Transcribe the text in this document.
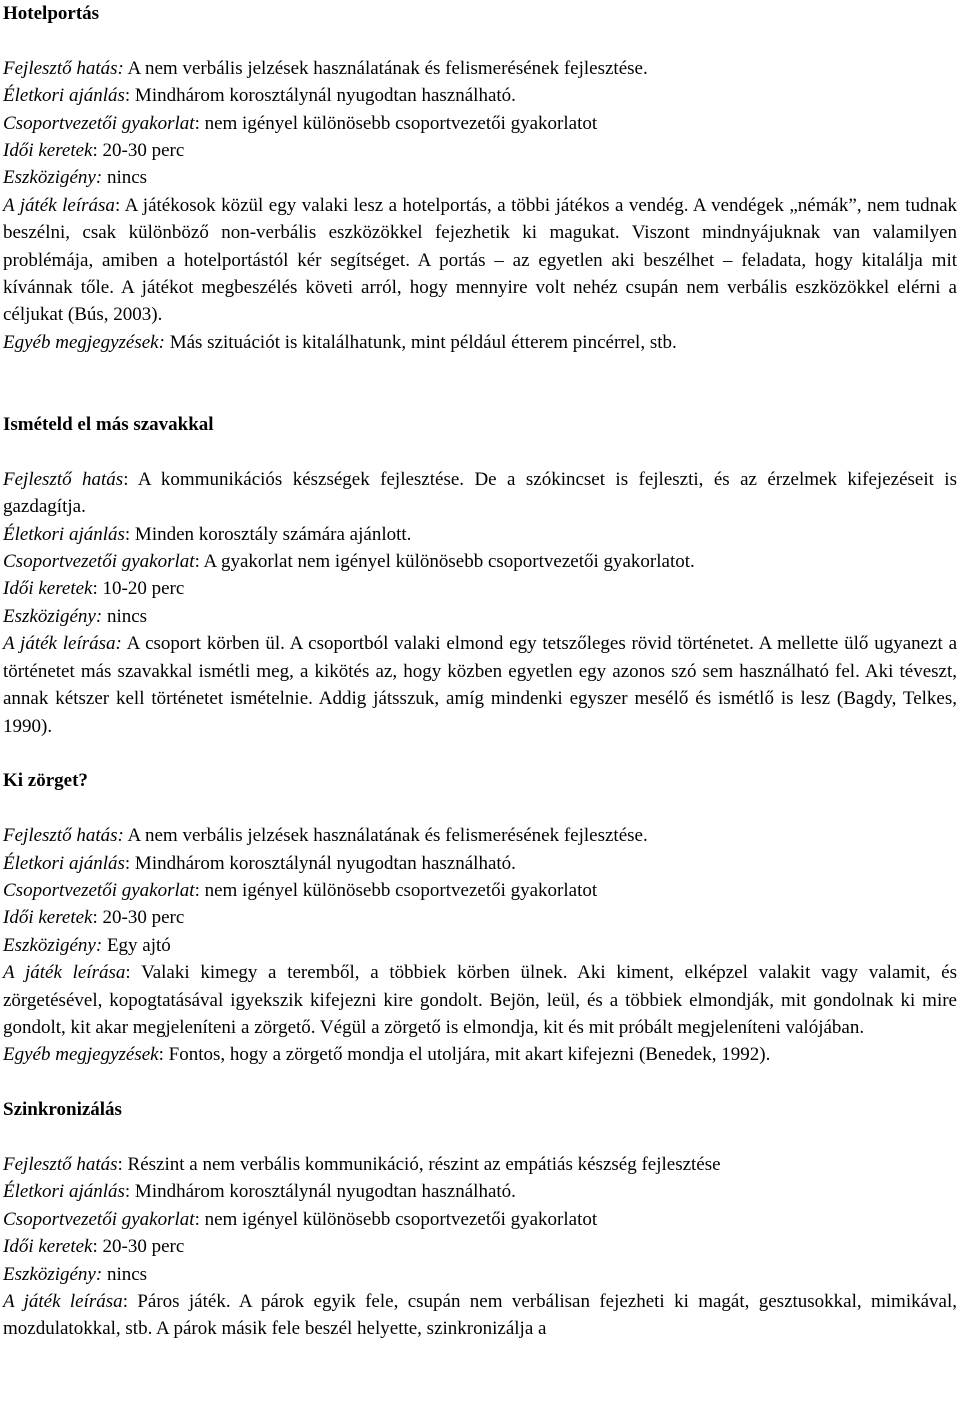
Hotelportás

Fejlesztő hatás: A nem verbális jelzések használatának és felismerésének fejlesztése.

Életkori ajánlás: Mindhárom korosztálynál nyugodtan használható.

Csoportvezetői gyakorlat: nem igényel különösebb csoportvezetői gyakorlatot

Idői keretek: 20-30 perc

Eszközigény: nincs

A játék leírása: A játékosok közül egy valaki lesz a hotelportás, a többi játékos a vendég. A vendégek „némák”, nem tudnak beszélni, csak különböző non-verbális eszközökkel fejezhetik ki magukat. Viszont mindnyájuknak van valamilyen problémája, amiben a hotelportástól kér segítséget. A portás – az egyetlen aki beszélhet – feladata, hogy kitalálja mit kívánnak tőle. A játékot megbeszélés követi arról, hogy mennyire volt nehéz csupán nem verbális eszközökkel elérni a céljukat (Bús, 2003).

Egyéb megjegyzések: Más szituációt is kitalálhatunk, mint például étterem pincérrel, stb.

Ismételd el más szavakkal

Fejlesztő hatás: A kommunikációs készségek fejlesztése. De a szókincset is fejleszti, és az érzelmek kifejezéseit is gazdagítja.

Életkori ajánlás: Minden korosztály számára ajánlott.

Csoportvezetői gyakorlat: A gyakorlat nem igényel különösebb csoportvezetői gyakorlatot.

Idői keretek: 10-20 perc

Eszközigény: nincs

A játék leírása: A csoport körben ül. A csoportból valaki elmond egy tetszőleges rövid történetet. A mellette ülő ugyanezt a történetet más szavakkal ismétli meg, a kikötés az, hogy közben egyetlen egy azonos szó sem használható fel. Aki téveszt, annak kétszer kell történetet ismételnie. Addig játsszuk, amíg mindenki egyszer mesélő és ismétlő is lesz (Bagdy, Telkes, 1990).

Ki zörget?

Fejlesztő hatás: A nem verbális jelzések használatának és felismerésének fejlesztése.

Életkori ajánlás: Mindhárom korosztálynál nyugodtan használható.

Csoportvezetői gyakorlat: nem igényel különösebb csoportvezetői gyakorlatot

Idői keretek: 20-30 perc

Eszközigény: Egy ajtó

A játék leírása: Valaki kimegy a teremből, a többiek körben ülnek. Aki kiment, elképzel valakit vagy valamit, és zörgetésével, kopogtatásával igyekszik kifejezni kire gondolt. Bejön, leül, és a többiek elmondják, mit gondolnak ki mire gondolt, kit akar megjeleníteni a zörgető. Végül a zörgető is elmondja, kit és mit próbált megjeleníteni valójában.

Egyéb megjegyzések: Fontos, hogy a zörgető mondja el utoljára, mit akart kifejezni (Benedek, 1992).

Szinkronizálás

Fejlesztő hatás: Részint a nem verbális kommunikáció, részint az empátiás készség fejlesztése

Életkori ajánlás: Mindhárom korosztálynál nyugodtan használható.

Csoportvezetői gyakorlat: nem igényel különösebb csoportvezetői gyakorlatot

Idői keretek: 20-30 perc

Eszközigény: nincs

A játék leírása: Páros játék. A párok egyik fele, csupán nem verbálisan fejezheti ki magát, gesztusokkal, mimikával, mozdulatokkal, stb. A párok másik fele beszél helyette, szinkronizálja a
